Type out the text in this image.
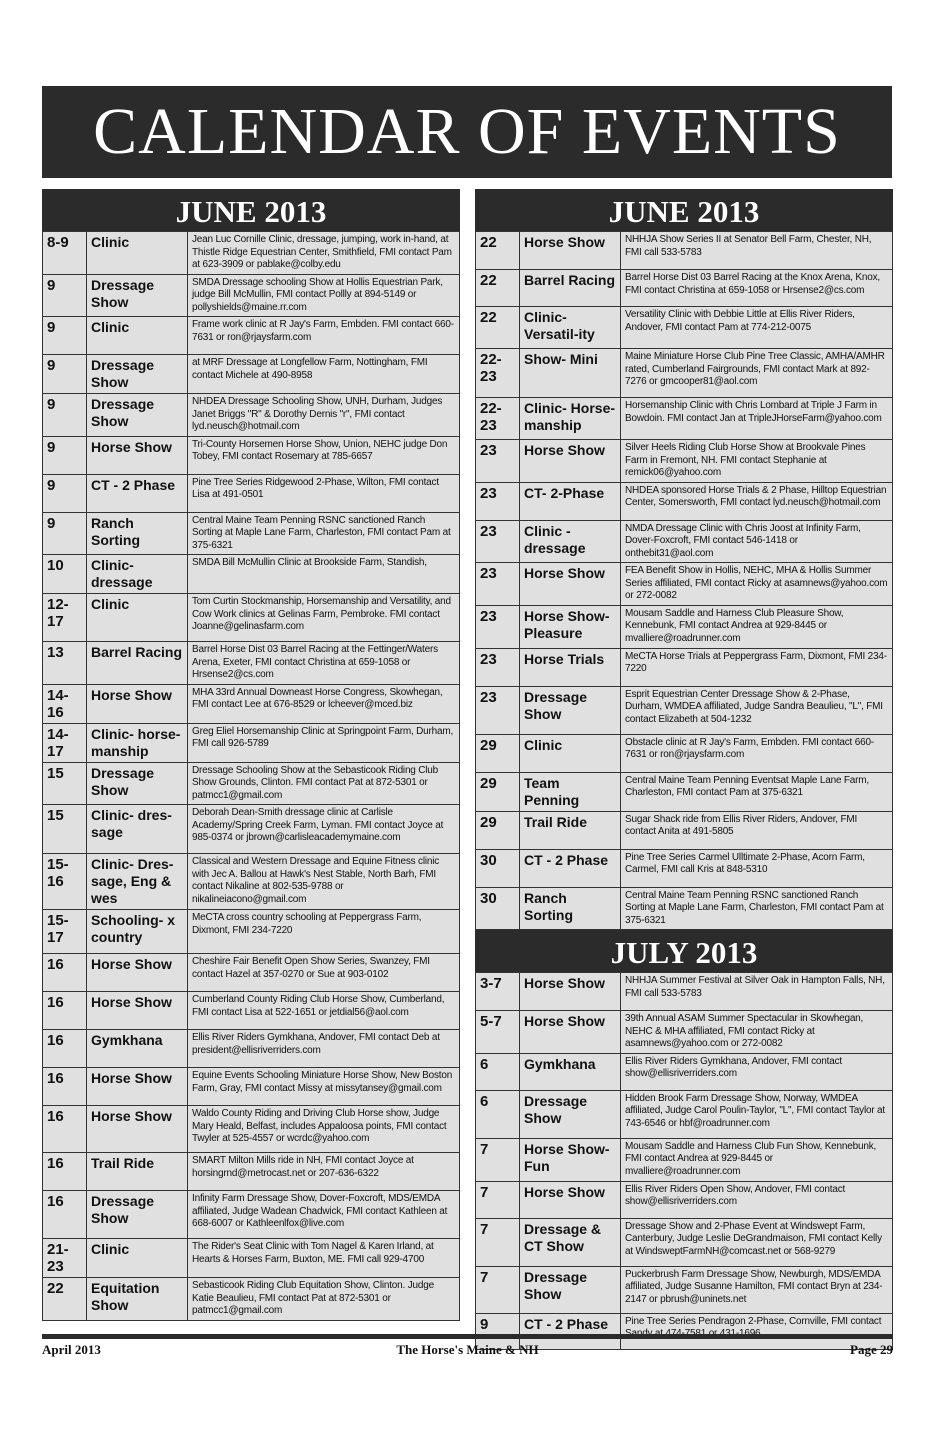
CALENDAR OF EVENTS
JUNE 2013
8-9	Clinic	Jean Luc Cornille Clinic, dressage, jumping, work in-hand, at Thistle Ridge Equestrian Center, Smithfield, FMI contact Pam at 623-3909 or pablake@colby.edu
9	Dressage Show	SMDA Dressage schooling Show at Hollis Equestrian Park, judge Bill McMullin, FMI contact Pollly at 894-5149 or pollyshields@maine.rr.com
9	Clinic	Frame work clinic at R Jay's Farm, Embden. FMI contact 660-7631 or ron@rjaysfarm.com
9	Dressage Show	at MRF Dressage at Longfellow Farm, Nottingham, FMI contact Michele at 490-8958
9	Dressage Show	NHDEA Dressage Schooling Show, UNH, Durham, Judges Janet Briggs "R" & Dorothy Dernis "r", FMI contact lyd.neusch@hotmail.com
9	Horse Show	Tri-County Horsemen Horse Show, Union, NEHC judge Don Tobey, FMI contact Rosemary at 785-6657
9	CT - 2 Phase	Pine Tree Series Ridgewood 2-Phase, Wilton, FMI contact Lisa at 491-0501
9	Ranch Sorting	Central Maine Team Penning RSNC sanctioned Ranch Sorting at Maple Lane Farm, Charleston, FMI contact Pam at 375-6321
10	Clinic- dressage	SMDA Bill McMullin Clinic at Brookside Farm, Standish,
12-17	Clinic	Tom Curtin Stockmanship, Horsemanship and Versatility, and Cow Work clinics at Gelinas Farm, Pembroke. FMI contact Joanne@gelinasfarm.com
13	Barrel Racing	Barrel Horse Dist 03 Barrel Racing at the Fettinger/Waters Arena, Exeter, FMI contact Christina at 659-1058 or Hrsense2@cs.com
14-16	Horse Show	MHA 33rd Annual Downeast Horse Congress, Skowhegan, FMI contact Lee at 676-8529 or lcheever@mced.biz
14-17	Clinic- horse-manship	Greg Eliel Horsemanship Clinic at Springpoint Farm, Durham, FMI call 926-5789
15	Dressage Show	Dressage Schooling Show at the Sebasticook Riding Club Show Grounds, Clinton. FMI contact Pat at 872-5301 or patmcc1@gmail.com
15	Clinic- dres-sage	Deborah Dean-Smith dressage clinic at Carlisle Academy/Spring Creek Farm, Lyman. FMI contact Joyce at 985-0374 or jbrown@carlisleacademymaine.com
15-16	Clinic- Dres-sage, Eng & wes	Classical and Western Dressage and Equine Fitness clinic with Jec A. Ballou at Hawk's Nest Stable, North Barh, FMI contact Nikaline at 802-535-9788 or nikalineiacono@gmail.com
15-17	Schooling- x country	MeCTA cross country schooling at Peppergrass Farm, Dixmont, FMI 234-7220
16	Horse Show	Cheshire Fair Benefit Open Show Series, Swanzey, FMI contact Hazel at 357-0270 or Sue at 903-0102
16	Horse Show	Cumberland County Riding Club Horse Show, Cumberland, FMI contact Lisa at 522-1651 or jetdial56@aol.com
16	Gymkhana	Ellis River Riders Gymkhana, Andover, FMI contact Deb at president@ellisriverriders.com
16	Horse Show	Equine Events Schooling Miniature Horse Show, New Boston Farm, Gray, FMI contact Missy at missytansey@gmail.com
16	Horse Show	Waldo County Riding and Driving Club Horse show, Judge Mary Heald, Belfast, includes Appaloosa points, FMI contact Twyler at 525-4557 or wcrdc@yahoo.com
16	Trail Ride	SMART Milton Mills ride in NH, FMI contact Joyce at horsingrnd@metrocast.net or 207-636-6322
16	Dressage Show	Infinity Farm Dressage Show, Dover-Foxcroft, MDS/EMDA affiliated, Judge Wadean Chadwick, FMI contact Kathleen at 668-6007 or Kathleenlfox@live.com
21-23	Clinic	The Rider's Seat Clinic with Tom Nagel & Karen Irland, at Hearts & Horses Farm, Buxton, ME. FMI call 929-4700
22	Equitation Show	Sebasticook Riding Club Equitation Show, Clinton. Judge Katie Beaulieu, FMI contact Pat at 872-5301 or patmcc1@gmail.com
JUNE 2013
22	Horse Show	NHHJA Show Series II at Senator Bell Farm, Chester, NH, FMI call 533-5783
22	Barrel Racing	Barrel Horse Dist 03 Barrel Racing at the Knox Arena, Knox, FMI contact Christina at 659-1058 or Hrsense2@cs.com
22	Clinic- Versatil-ity	Versatility Clinic with Debbie Little at Ellis River Riders, Andover, FMI contact Pam at 774-212-0075
22-23	Show- Mini	Maine Miniature Horse Club Pine Tree Classic, AMHA/AMHR rated, Cumberland Fairgrounds, FMI contact Mark at 892-7276 or gmcooper81@aol.com
22-23	Clinic- Horse-manship	Horsemanship Clinic with Chris Lombard at Triple J Farm in Bowdoin. FMI contact Jan at TripleJHorseFarm@yahoo.com
23	Horse Show	Silver Heels Riding Club Horse Show at Brookvale Pines Farm in Fremont, NH. FMI contact Stephanie at remick06@yahoo.com
23	CT- 2-Phase	NHDEA sponsored Horse Trials & 2 Phase, Hilltop Equestrian Center, Somersworth, FMI contact lyd.neusch@hotmail.com
23	Clinic - dressage	NMDA Dressage Clinic with Chris Joost at Infinity Farm, Dover-Foxcroft, FMI contact 546-1418 or onthebit31@aol.com
23	Horse Show	FEA Benefit Show in Hollis, NEHC, MHA & Hollis Summer Series affiliated, FMI contact Ricky at asamnews@yahoo.com or 272-0082
23	Horse Show-Pleasure	Mousam Saddle and Harness Club Pleasure Show, Kennebunk, FMI contact Andrea at 929-8445 or mvalliere@roadrunner.com
23	Horse Trials	MeCTA Horse Trials at Peppergrass Farm, Dixmont, FMI 234-7220
23	Dressage Show	Esprit Equestrian Center Dressage Show & 2-Phase, Durham, WMDEA affiliated, Judge Sandra Beaulieu, "L", FMI contact Elizabeth at 504-1232
29	Clinic	Obstacle clinic at R Jay's Farm, Embden. FMI contact 660-7631 or ron@rjaysfarm.com
29	Team Penning	Central Maine Team Penning Eventsat Maple Lane Farm, Charleston, FMI contact Pam at 375-6321
29	Trail Ride	Sugar Shack ride from Ellis River Riders, Andover, FMI contact Anita at 491-5805
30	CT - 2 Phase	Pine Tree Series Carmel Ulltimate 2-Phase, Acorn Farm, Carmel, FMI call Kris at 848-5310
30	Ranch Sorting	Central Maine Team Penning RSNC sanctioned Ranch Sorting at Maple Lane Farm, Charleston, FMI contact Pam at 375-6321
JULY 2013
3-7	Horse Show	NHHJA Summer Festival at Silver Oak in Hampton Falls, NH, FMI call 533-5783
5-7	Horse Show	39th Annual ASAM Summer Spectacular in Skowhegan, NEHC & MHA affiliated, FMI contact Ricky at asamnews@yahoo.com or 272-0082
6	Gymkhana	Ellis River Riders Gymkhana, Andover, FMI contact show@ellisriverriders.com
6	Dressage Show	Hidden Brook Farm Dressage Show, Norway, WMDEA affiliated, Judge Carol Poulin-Taylor, "L", FMI contact Taylor at 743-6546 or hbf@roadrunner.com
7	Horse Show-Fun	Mousam Saddle and Harness Club Fun Show, Kennebunk, FMI contact Andrea at 929-8445 or mvalliere@roadrunner.com
7	Horse Show	Ellis River Riders Open Show, Andover, FMI contact show@ellisriverriders.com
7	Dressage & CT Show	Dressage Show and 2-Phase Event at Windswept Farm, Canterbury, Judge Leslie DeGrandmaison, FMI contact Kelly at WindsweptFarmNH@comcast.net or 568-9279
7	Dressage Show	Puckerbrush Farm Dressage Show, Newburgh, MDS/EMDA affiliated, Judge Susanne Hamilton, FMI contact Bryn at 234-2147 or pbrush@uninets.net
9	CT - 2 Phase	Pine Tree Series Pendragon 2-Phase, Cornville, FMI contact
April 2013	The Horse's Maine & NH	Page 29
